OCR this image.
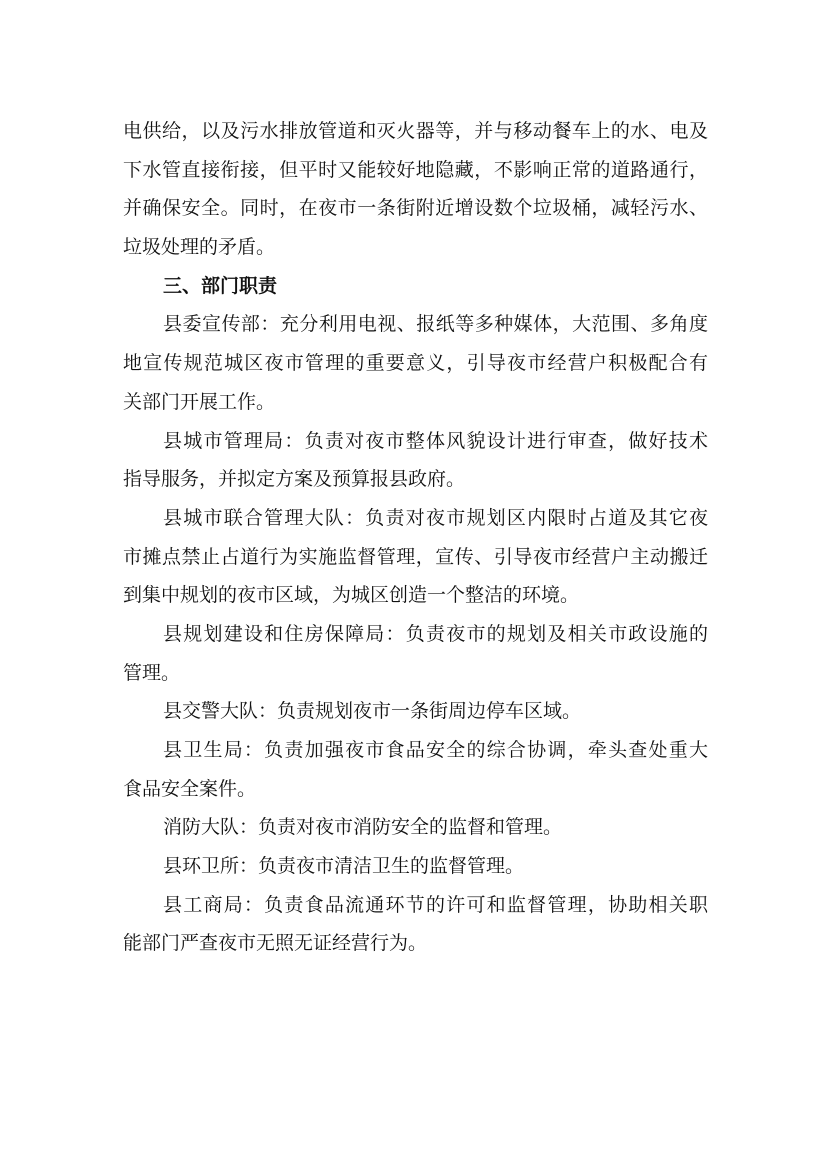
电供给，以及污水排放管道和灭火器等，并与移动餐车上的水、电及
下水管直接衔接，但平时又能较好地隐藏，不影响正常的道路通行，
并确保安全。同时，在夜市一条街附近增设数个垃圾桶，减轻污水、
垃圾处理的矛盾。
三、部门职责
县委宣传部：充分利用电视、报纸等多种媒体，大范围、多角度
地宣传规范城区夜市管理的重要意义，引导夜市经营户积极配合有
关部门开展工作。
县城市管理局：负责对夜市整体风貌设计进行审查，做好技术
指导服务，并拟定方案及预算报县政府。
县城市联合管理大队：负责对夜市规划区内限时占道及其它夜
市摊点禁止占道行为实施监督管理，宣传、引导夜市经营户主动搬迁
到集中规划的夜市区域，为城区创造一个整洁的环境。
县规划建设和住房保障局：负责夜市的规划及相关市政设施的
管理。
县交警大队：负责规划夜市一条街周边停车区域。
县卫生局：负责加强夜市食品安全的综合协调，牵头查处重大
食品安全案件。
消防大队：负责对夜市消防安全的监督和管理。
县环卫所：负责夜市清洁卫生的监督管理。
县工商局：负责食品流通环节的许可和监督管理，协助相关职
能部门严查夜市无照无证经营行为。
